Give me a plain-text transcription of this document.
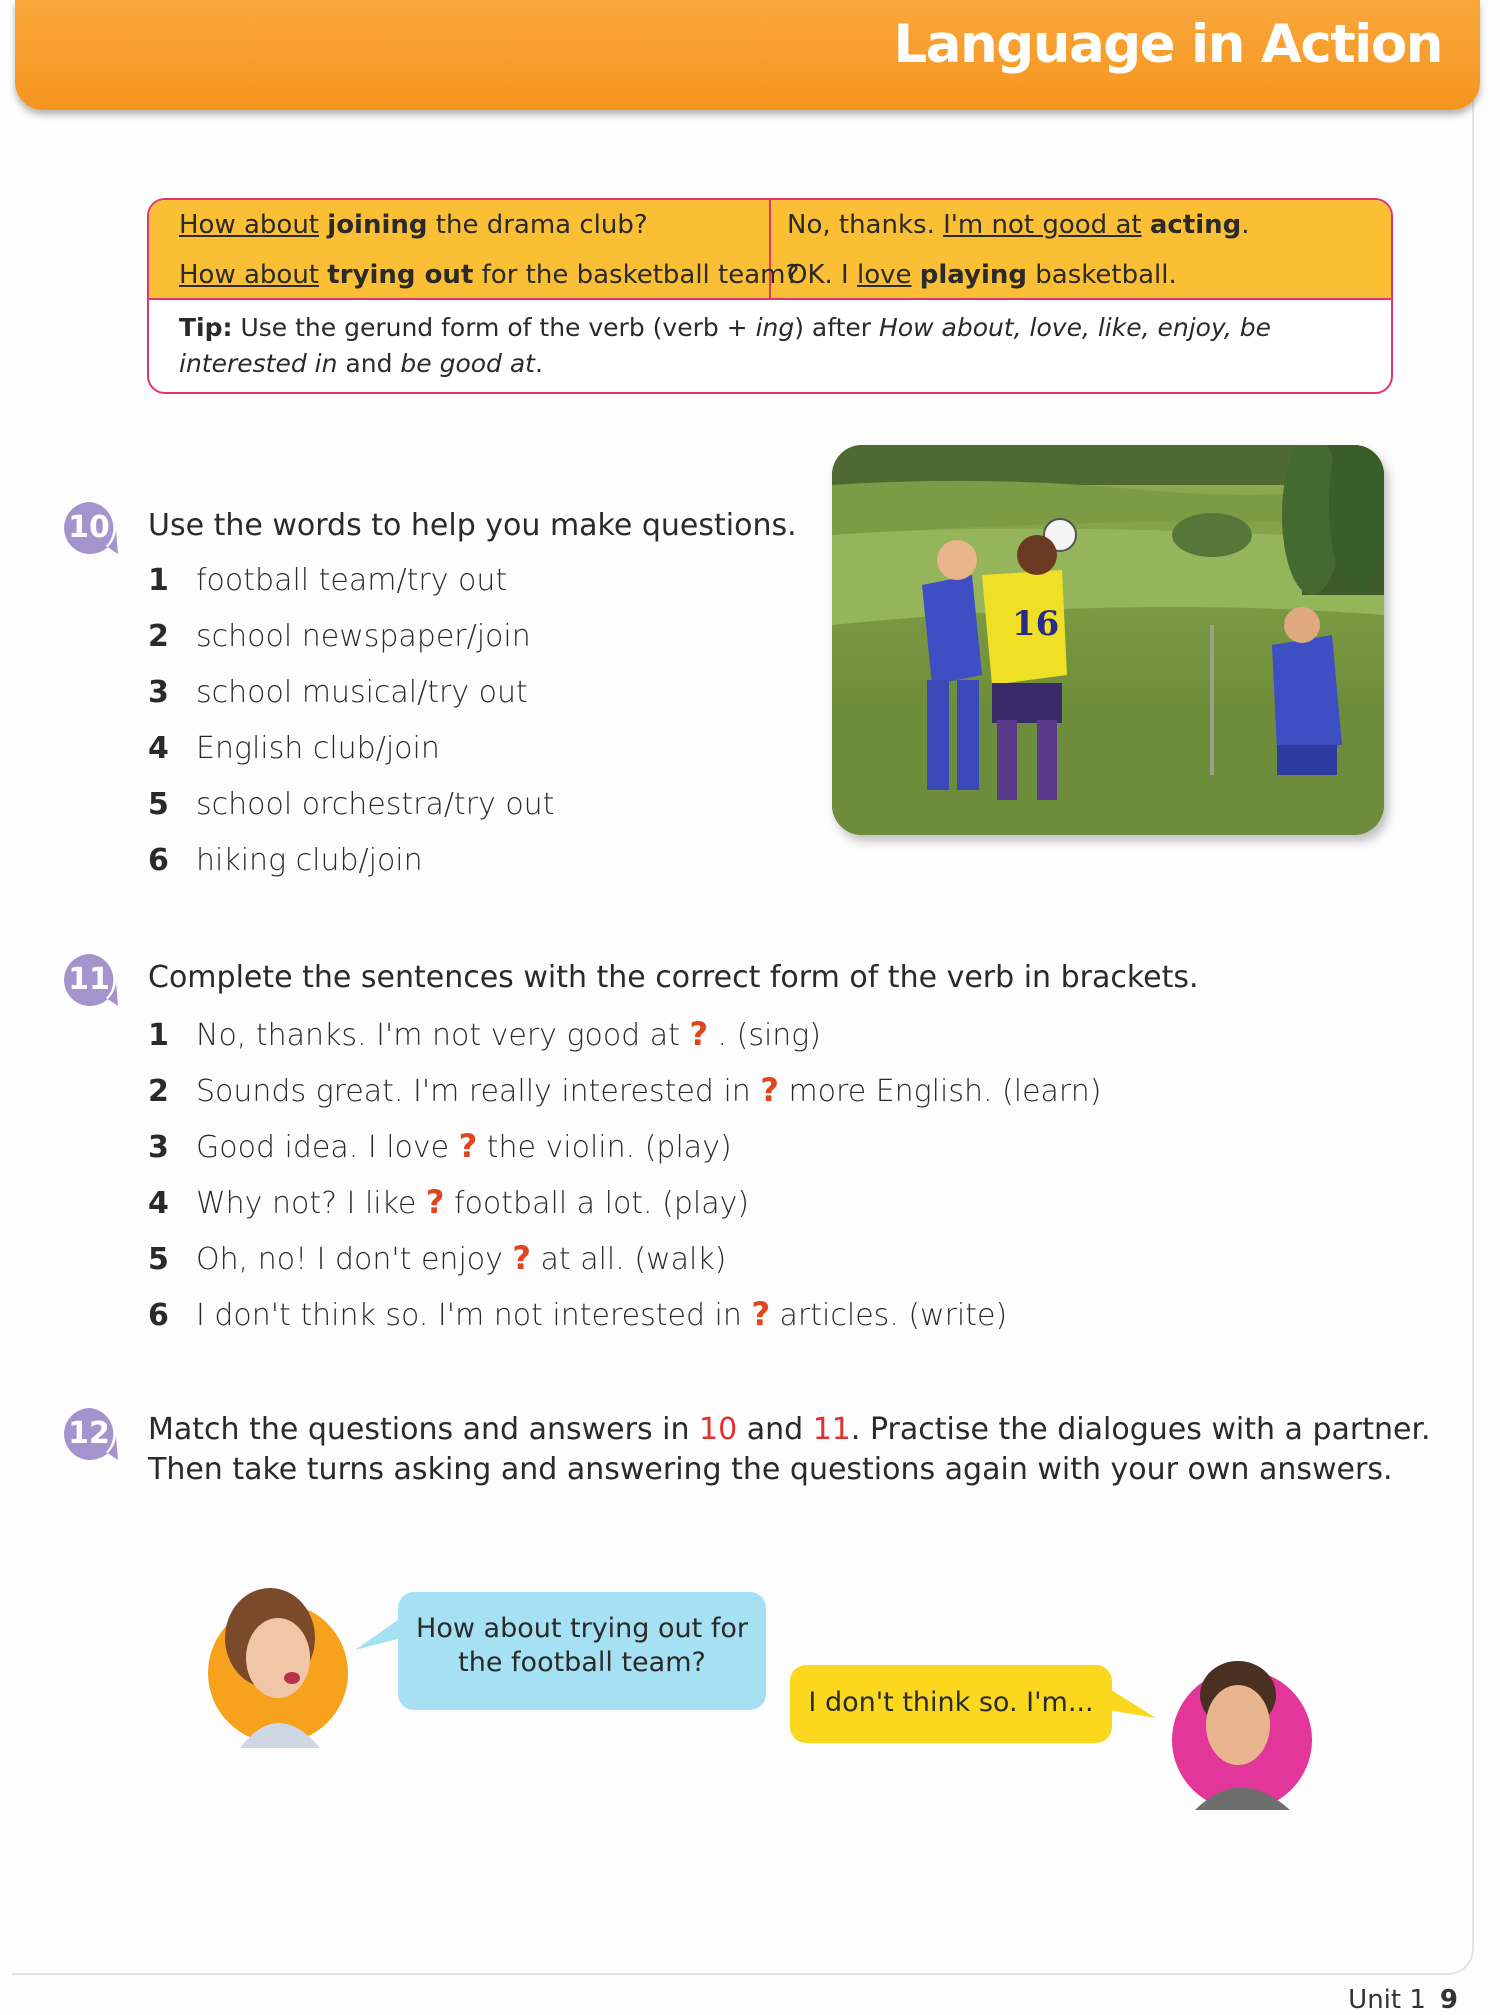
Language in Action
How about joining the drama club?
How about trying out for the basketball team?
No, thanks. I'm not good at acting.
OK. I love playing basketball.
Tip: Use the gerund form of the verb (verb + ing) after How about, love, like, enjoy, be interested in and be good at.
16
10 Use the words to help you make questions.
1 football team/try out
2 school newspaper/join
3 school musical/try out
4 English club/join
5 school orchestra/try out
6 hiking club/join
11 Complete the sentences with the correct form of the verb in brackets.
1 No, thanks. I'm not very good at ? . (sing)
2 Sounds great. I'm really interested in ? more English. (learn)
3 Good idea. I love ? the violin. (play)
4 Why not? I like ? football a lot. (play)
5 Oh, no! I don't enjoy ? at all. (walk)
6 I don't think so. I'm not interested in ? articles. (write)
12 Match the questions and answers in 10 and 11. Practise the dialogues with a partner.
Then take turns asking and answering the questions again with your own answers.
How about trying out for
the football team?
I don't think so. I'm...
Unit 1 9
